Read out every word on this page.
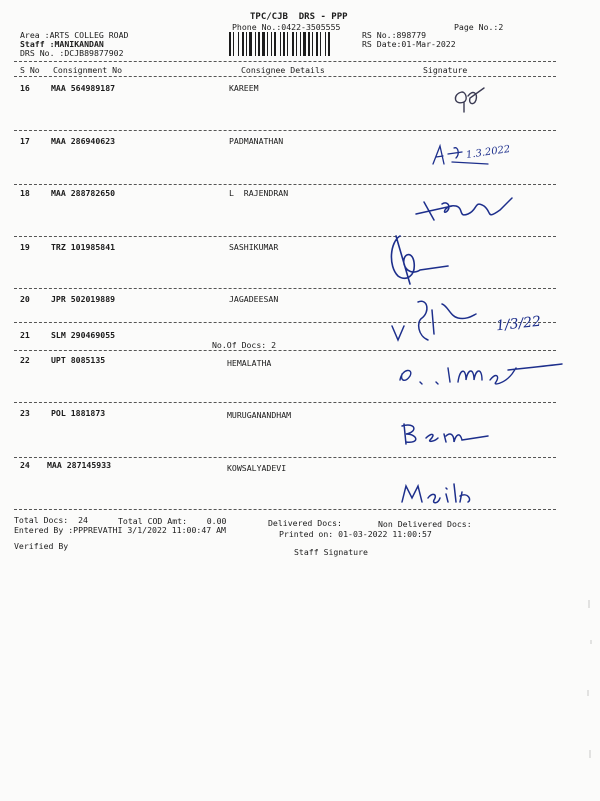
TPC/CJB  DRS - PPP
Phone No.:0422-3505555	Page No.:2
Area :ARTS COLLEG ROAD
Staff :MANIKANDAN
DRS No. :DCJB89877902
RS No.:898779
RS Date:01-Mar-2022
S No Consignment No	Consignee Details	Signature
16	MAA 564989187	KAREEM
17	MAA 286940623	PADMANATHAN
18	MAA 288782650	L  RAJENDRAN
19	TRZ 101985841	SASHIKUMAR
20	JPR 502019889	JAGADEESAN
21	SLM 290469055
No.Of Docs: 2
22	UPT 8085135	HEMALATHA
23	POL 1881873	MURUGANANDHAM
24 MAA 287145933	KOWSALYADEVI
Total Docs:  24	Total COD Amt:    0.00	Delivered Docs:	Non Delivered Docs:
Entered By :PPPREVATHI 3/1/2022 11:00:47 AM	Printed on: 01-03-2022 11:00:57
Verified By
Staff Signature
1.3.2022
1/3/22
